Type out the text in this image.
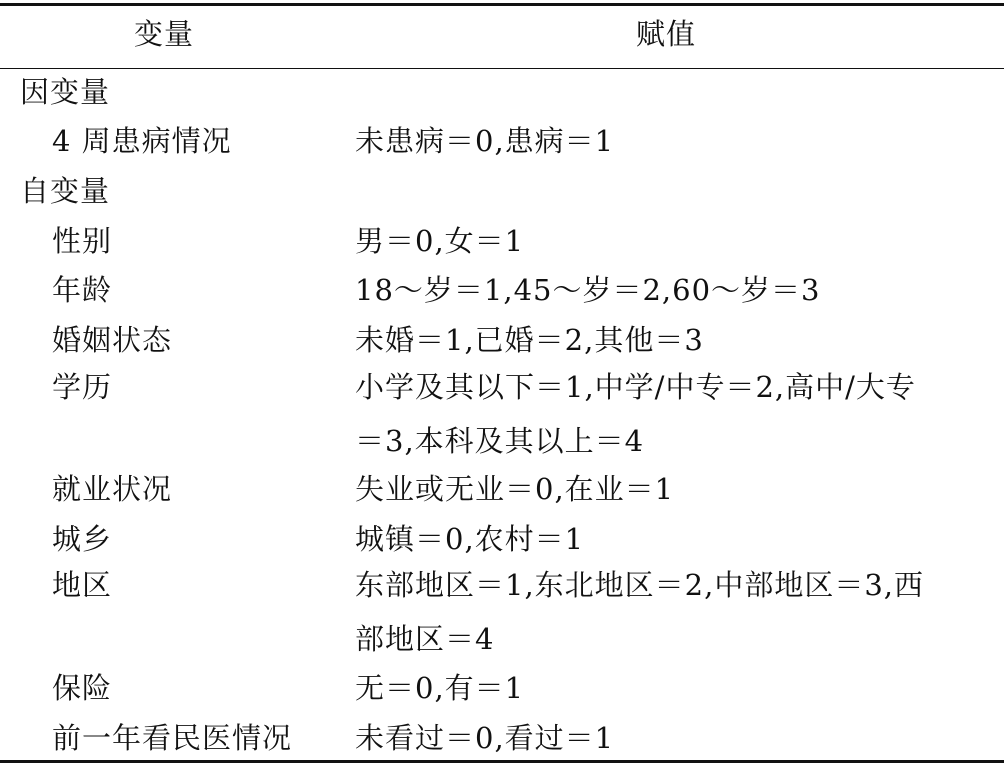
变量	赋值
因变量
4 周患病情况	未患病＝0,患病＝1
自变量
性别	男＝0,女＝1
年龄	18～岁＝1,45～岁＝2,60～岁＝3
婚姻状态	未婚＝1,已婚＝2,其他＝3
学历	小学及其以下＝1,中学/中专＝2,高中/大专
＝3,本科及其以上＝4
就业状况	失业或无业＝0,在业＝1
城乡	城镇＝0,农村＝1
地区	东部地区＝1,东北地区＝2,中部地区＝3,西
部地区＝4
保险	无＝0,有＝1
前一年看民医情况 未看过＝0,看过＝1
